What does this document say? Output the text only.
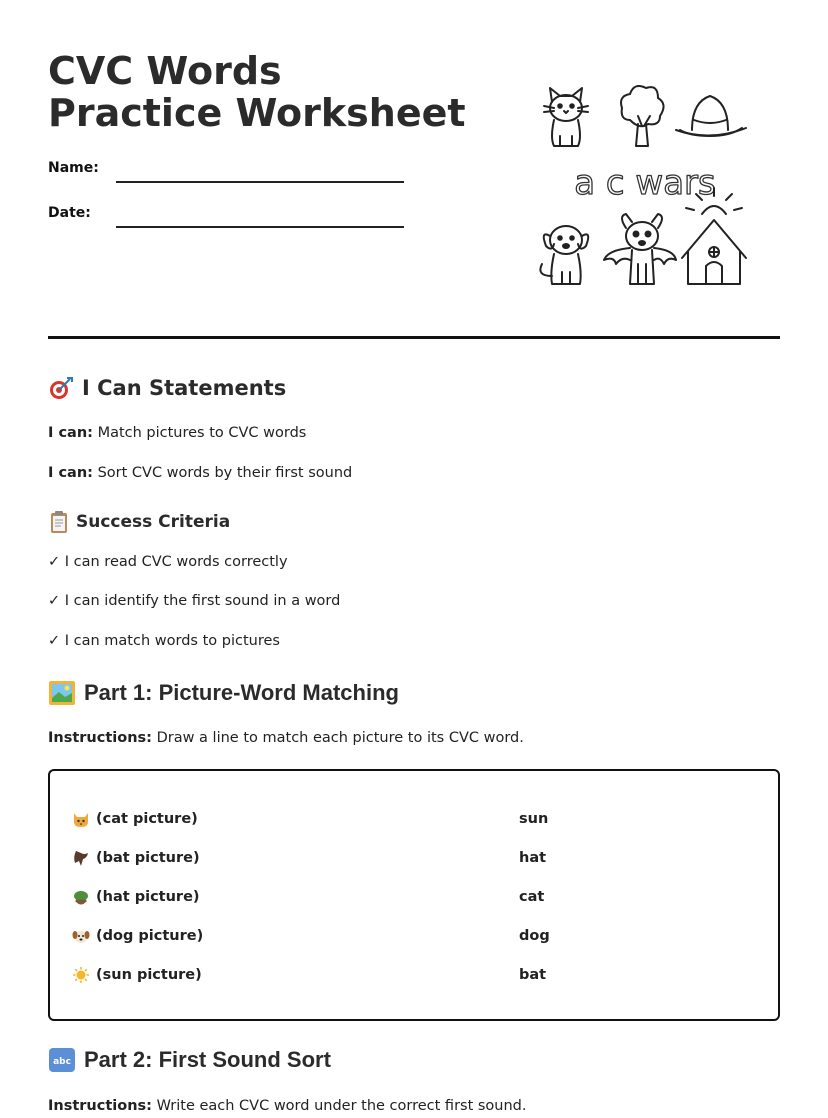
CVC Words Practice Worksheet
Name:
Date:
a c wars
I Can Statements
I can: Match pictures to CVC words
I can: Sort CVC words by their first sound
Success Criteria
✓ I can read CVC words correctly
✓ I can identify the first sound in a word
✓ I can match words to pictures
Part 1: Picture-Word Matching
Instructions: Draw a line to match each picture to its CVC word.
(cat picture)	sun
(bat picture)	hat
(hat picture)	cat
(dog picture)	dog
(sun picture)	bat
abc Part 2: First Sound Sort
Instructions: Write each CVC word under the correct first sound.
